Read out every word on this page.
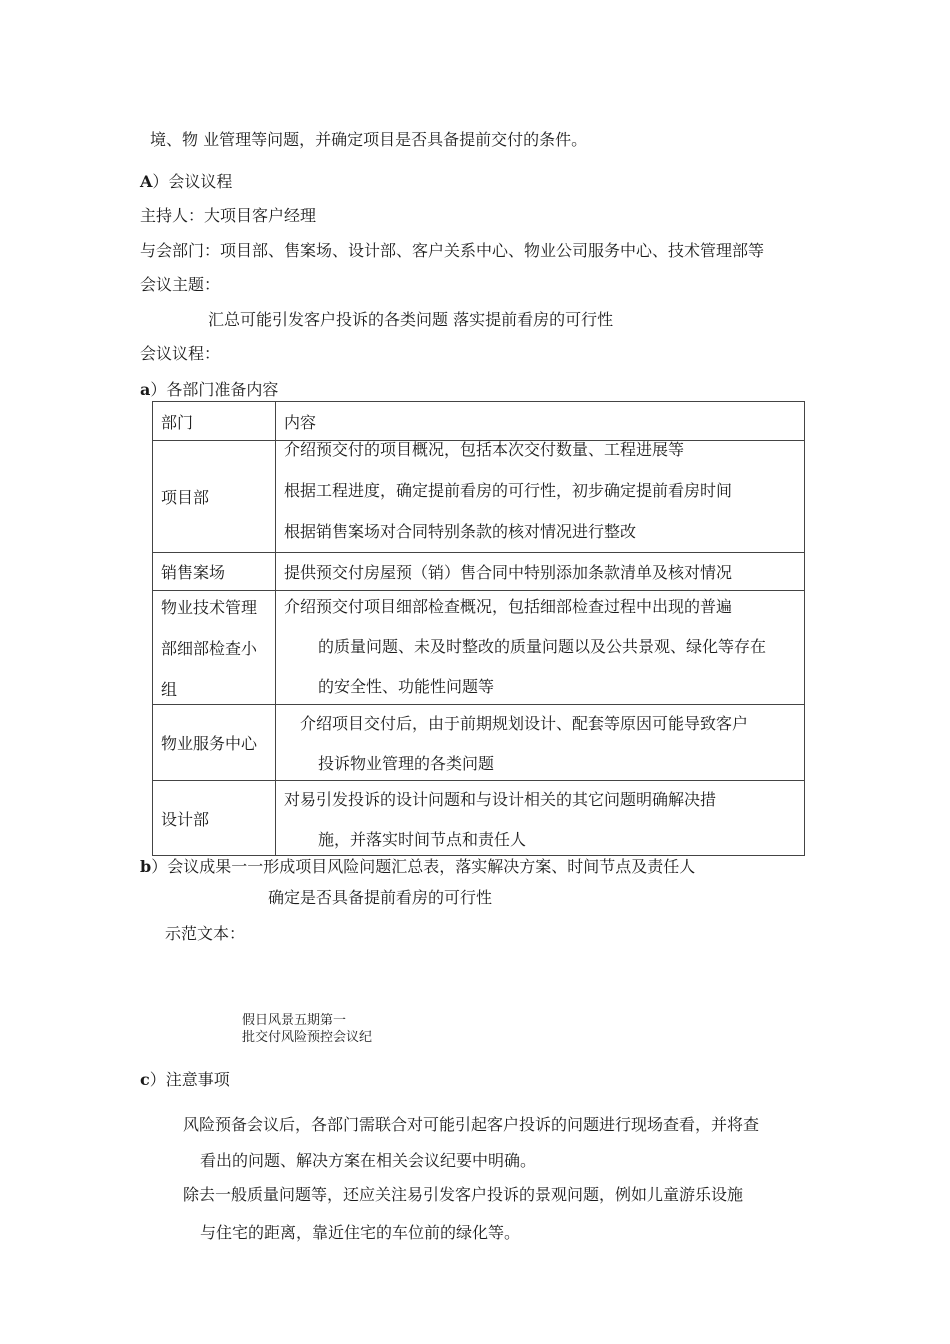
境、物 业管理等问题，并确定项目是否具备提前交付的条件。
A）会议议程
主持人：大项目客户经理
与会部门：项目部、售案场、设计部、客户关系中心、物业公司服务中心、技术管理部等
会议主题：
汇总可能引发客户投诉的各类问题 落实提前看房的可行性
会议议程：
a）各部门准备内容
部门	内容
项目部	介绍预交付的项目概况，包括本次交付数量、工程进展等
根据工程进度，确定提前看房的可行性，初步确定提前看房时间
根据销售案场对合同特别条款的核对情况进行整改

销售案场	提供预交付房屋预（销）售合同中特别添加条款清单及核对情况

物业技术管理
部细部检查小
组	介绍预交付项目细部检查概况，包括细部检查过程中出现的普遍
的质量问题、未及时整改的质量问题以及公共景观、绿化等存在
的安全性、功能性问题等

物业服务中心	介绍项目交付后，由于前期规划设计、配套等原因可能导致客户
投诉物业管理的各类问题

设计部	对易引发投诉的设计问题和与设计相关的其它问题明确解决措
施，并落实时间节点和责任人
b）会议成果一一形成项目风险问题汇总表，落实解决方案、时间节点及责任人
确定是否具备提前看房的可行性
示范文本：
假日风景五期第一
批交付风险预控会议纪
c）注意事项
风险预备会议后，各部门需联合对可能引起客户投诉的问题进行现场查看，并将查
看出的问题、解决方案在相关会议纪要中明确。
除去一般质量问题等，还应关注易引发客户投诉的景观问题，例如儿童游乐设施
与住宅的距离，靠近住宅的车位前的绿化等。
